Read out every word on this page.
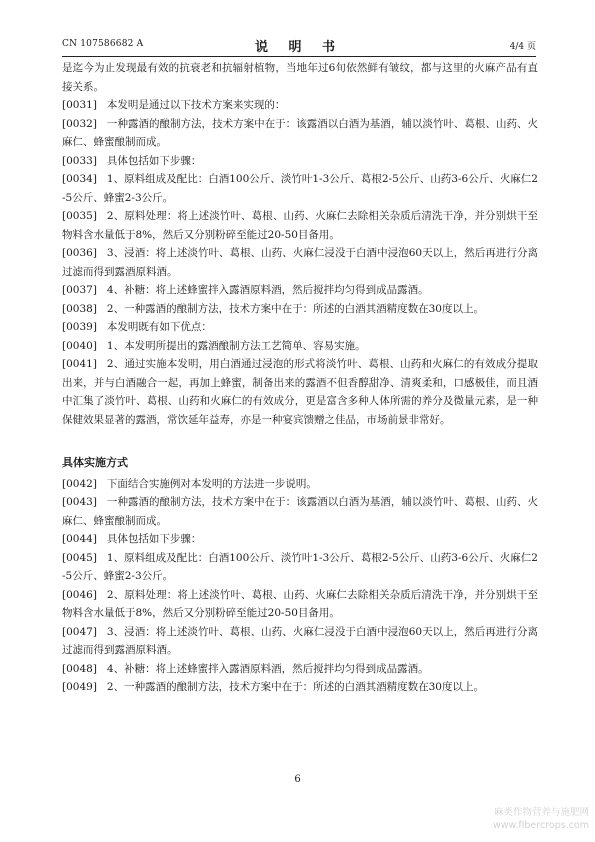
CN 107586682 A	说 明 书	4/4 页

是迄今为止发现最有效的抗衰老和抗辐射植物，当地年过6旬依然鲜有皱纹，都与这里的火麻产品有直接关系。

[0031] 本发明是通过以下技术方案来实现的：

[0032] 一种露酒的酿制方法，技术方案中在于：该露酒以白酒为基酒，辅以淡竹叶、葛根、山药、火麻仁、蜂蜜酿制而成。

[0033] 具体包括如下步骤：

[0034] 1、原料组成及配比：白酒100公斤、淡竹叶1-3公斤、葛根2-5公斤、山药3-6公斤、火麻仁2-5公斤、蜂蜜2-3公斤。

[0035] 2、原料处理：将上述淡竹叶、葛根、山药、火麻仁去除相关杂质后清洗干净，并分别烘干至物料含水量低于8%，然后又分别粉碎至能过20-50目备用。

[0036] 3、浸酒：将上述淡竹叶、葛根、山药、火麻仁浸没于白酒中浸泡60天以上，然后再进行分离过滤而得到露酒原料酒。

[0037] 4、补糖：将上述蜂蜜拌入露酒原料酒，然后搅拌均匀得到成品露酒。

[0038] 2、一种露酒的酿制方法，技术方案中在于：所述的白酒其酒精度数在30度以上。

[0039] 本发明既有如下优点：

[0040] 1、本发明所提出的露酒酿制方法工艺简单、容易实施。

[0041] 2、通过实施本发明，用白酒通过浸泡的形式将淡竹叶、葛根、山药和火麻仁的有效成分提取出来，并与白酒融合一起，再加上蜂蜜，制备出来的露酒不但香醇甜净、清爽柔和，口感极佳，而且酒中汇集了淡竹叶、葛根、山药和火麻仁的有效成分，更是富含多种人体所需的养分及微量元素，是一种保健效果显著的露酒，常饮延年益寿，亦是一种宴宾馈赠之佳品，市场前景非常好。

具体实施方式

[0042] 下面结合实施例对本发明的方法进一步说明。

[0043] 一种露酒的酿制方法，技术方案中在于：该露酒以白酒为基酒，辅以淡竹叶、葛根、山药、火麻仁、蜂蜜酿制而成。

[0044] 具体包括如下步骤：

[0045] 1、原料组成及配比：白酒100公斤、淡竹叶1-3公斤、葛根2-5公斤、山药3-6公斤、火麻仁2-5公斤、蜂蜜2-3公斤。

[0046] 2、原料处理：将上述淡竹叶、葛根、山药、火麻仁去除相关杂质后清洗干净，并分别烘干至物料含水量低于8%，然后又分别粉碎至能过20-50目备用。

[0047] 3、浸酒：将上述淡竹叶、葛根、山药、火麻仁浸没于白酒中浸泡60天以上，然后再进行分离过滤而得到露酒原料酒。

[0048] 4、补糖：将上述蜂蜜拌入露酒原料酒，然后搅拌均匀得到成品露酒。

[0049] 2、一种露酒的酿制方法，技术方案中在于：所述的白酒其酒精度数在30度以上。

6
麻类作物营养与施肥网
www.fibercrops.com
